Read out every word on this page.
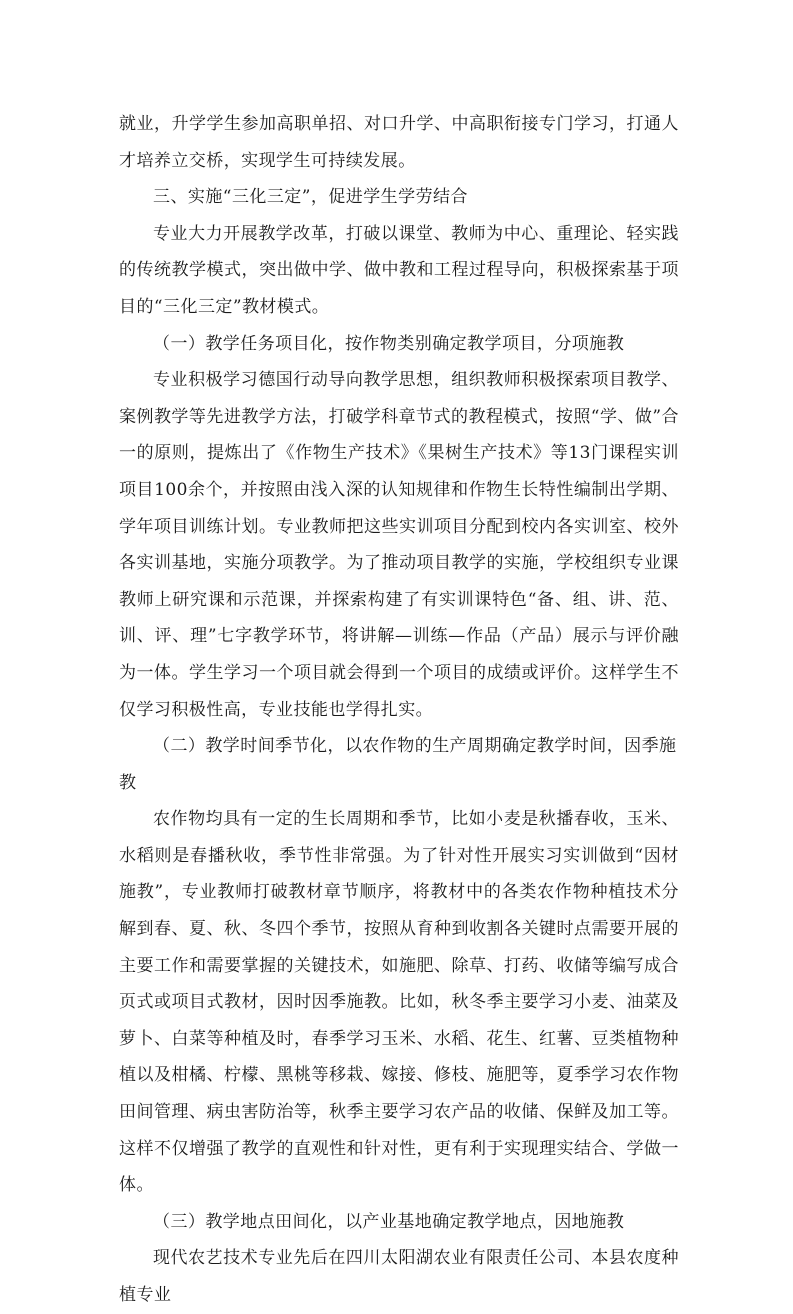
就业，升学学生参加高职单招、对口升学、中高职衔接专门学习，打通人才培养立交桥，实现学生可持续发展。

三、实施“三化三定”，促进学生学劳结合

专业大力开展教学改革，打破以课堂、教师为中心、重理论、轻实践的传统教学模式，突出做中学、做中教和工程过程导向，积极探索基于项目的“三化三定”教材模式。

（一）教学任务项目化，按作物类别确定教学项目，分项施教

专业积极学习德国行动导向教学思想，组织教师积极探索项目教学、案例教学等先进教学方法，打破学科章节式的教程模式，按照“学、做”合一的原则，提炼出了《作物生产技术》《果树生产技术》等13门课程实训项目100余个，并按照由浅入深的认知规律和作物生长特性编制出学期、学年项目训练计划。专业教师把这些实训项目分配到校内各实训室、校外各实训基地，实施分项教学。为了推动项目教学的实施，学校组织专业课教师上研究课和示范课，并探索构建了有实训课特色“备、组、讲、范、训、评、理”七字教学环节，将讲解—训练—作品（产品）展示与评价融为一体。学生学习一个项目就会得到一个项目的成绩或评价。这样学生不仅学习积极性高，专业技能也学得扎实。

（二）教学时间季节化，以农作物的生产周期确定教学时间，因季施教

农作物均具有一定的生长周期和季节，比如小麦是秋播春收，玉米、水稻则是春播秋收，季节性非常强。为了针对性开展实习实训做到“因材施教”，专业教师打破教材章节顺序，将教材中的各类农作物种植技术分解到春、夏、秋、冬四个季节，按照从育种到收割各关键时点需要开展的主要工作和需要掌握的关键技术，如施肥、除草、打药、收储等编写成合页式或项目式教材，因时因季施教。比如，秋冬季主要学习小麦、油菜及萝卜、白菜等种植及时，春季学习玉米、水稻、花生、红薯、豆类植物种植以及柑橘、柠檬、黑桃等移栽、嫁接、修枝、施肥等，夏季学习农作物田间管理、病虫害防治等，秋季主要学习农产品的收储、保鲜及加工等。这样不仅增强了教学的直观性和针对性，更有利于实现理实结合、学做一体。

（三）教学地点田间化，以产业基地确定教学地点，因地施教

现代农艺技术专业先后在四川太阳湖农业有限责任公司、本县农度种植专业
